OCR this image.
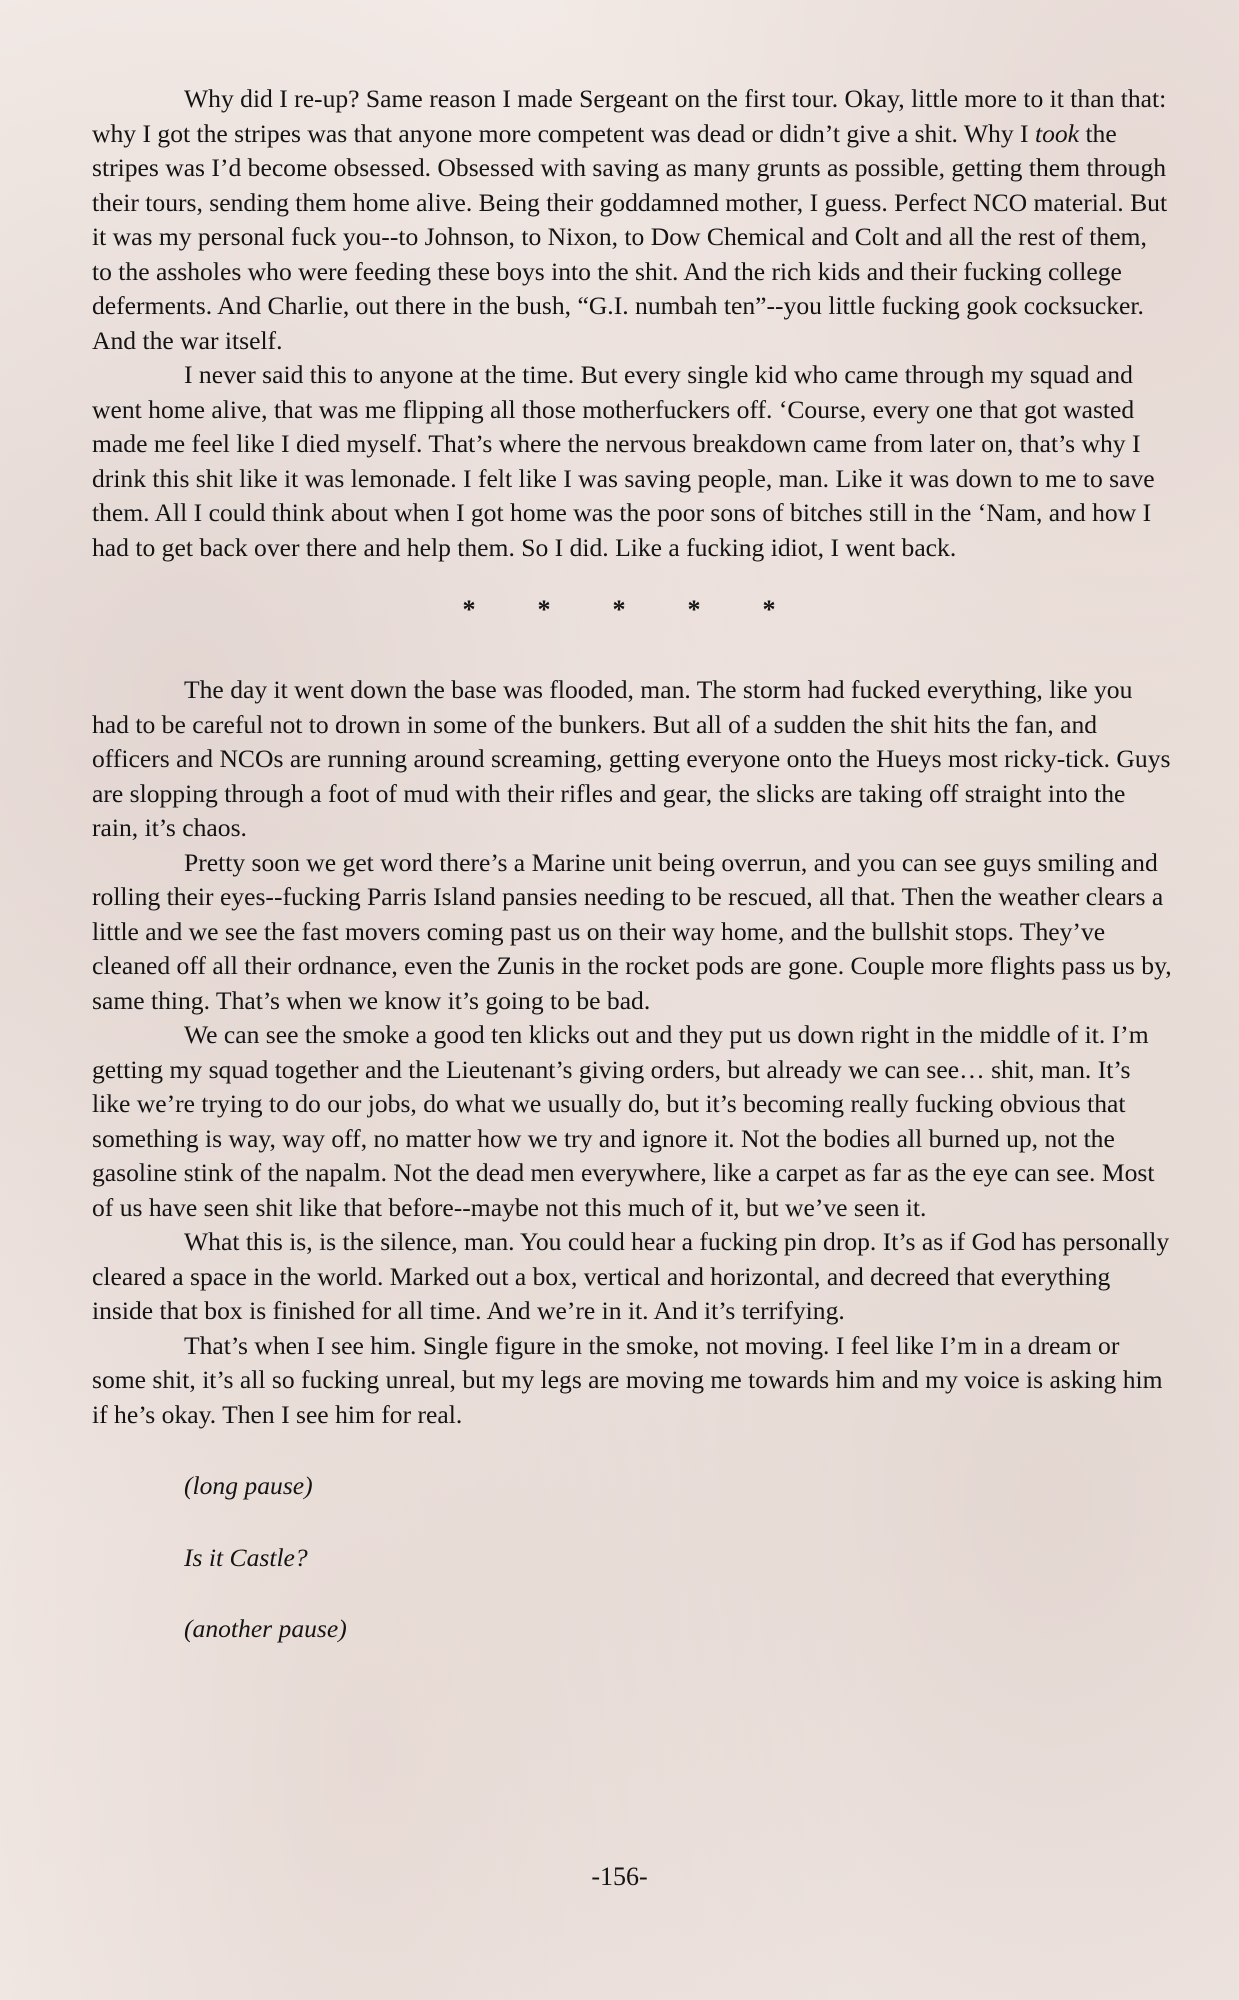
Why did I re-up? Same reason I made Sergeant on the first tour. Okay, little more to it than that: why I got the stripes was that anyone more competent was dead or didn’t give a shit. Why I took the stripes was I’d become obsessed. Obsessed with saving as many grunts as possible, getting them through their tours, sending them home alive. Being their goddamned mother, I guess. Perfect NCO material. But it was my personal fuck you--to Johnson, to Nixon, to Dow Chemical and Colt and all the rest of them, to the assholes who were feeding these boys into the shit. And the rich kids and their fucking college deferments. And Charlie, out there in the bush, “G.I. numbah ten”--you little fucking gook cocksucker. And the war itself.

I never said this to anyone at the time. But every single kid who came through my squad and went home alive, that was me flipping all those motherfuckers off. ‘Course, every one that got wasted made me feel like I died myself. That’s where the nervous breakdown came from later on, that’s why I drink this shit like it was lemonade. I felt like I was saving people, man. Like it was down to me to save them. All I could think about when I got home was the poor sons of bitches still in the ‘Nam, and how I had to get back over there and help them. So I did. Like a fucking idiot, I went back.

* * * * *

The day it went down the base was flooded, man. The storm had fucked everything, like you had to be careful not to drown in some of the bunkers. But all of a sudden the shit hits the fan, and officers and NCOs are running around screaming, getting everyone onto the Hueys most ricky-tick. Guys are slopping through a foot of mud with their rifles and gear, the slicks are taking off straight into the rain, it’s chaos.

Pretty soon we get word there’s a Marine unit being overrun, and you can see guys smiling and rolling their eyes--fucking Parris Island pansies needing to be rescued, all that. Then the weather clears a little and we see the fast movers coming past us on their way home, and the bullshit stops. They’ve cleaned off all their ordnance, even the Zunis in the rocket pods are gone. Couple more flights pass us by, same thing. That’s when we know it’s going to be bad.

We can see the smoke a good ten klicks out and they put us down right in the middle of it. I’m getting my squad together and the Lieutenant’s giving orders, but already we can see… shit, man. It’s like we’re trying to do our jobs, do what we usually do, but it’s becoming really fucking obvious that something is way, way off, no matter how we try and ignore it. Not the bodies all burned up, not the gasoline stink of the napalm. Not the dead men everywhere, like a carpet as far as the eye can see. Most of us have seen shit like that before--maybe not this much of it, but we’ve seen it.

What this is, is the silence, man. You could hear a fucking pin drop. It’s as if God has personally cleared a space in the world. Marked out a box, vertical and horizontal, and decreed that everything inside that box is finished for all time. And we’re in it. And it’s terrifying.

That’s when I see him. Single figure in the smoke, not moving. I feel like I’m in a dream or some shit, it’s all so fucking unreal, but my legs are moving me towards him and my voice is asking him if he’s okay. Then I see him for real.

(long pause)
Is it Castle?
(another pause)
-156-
